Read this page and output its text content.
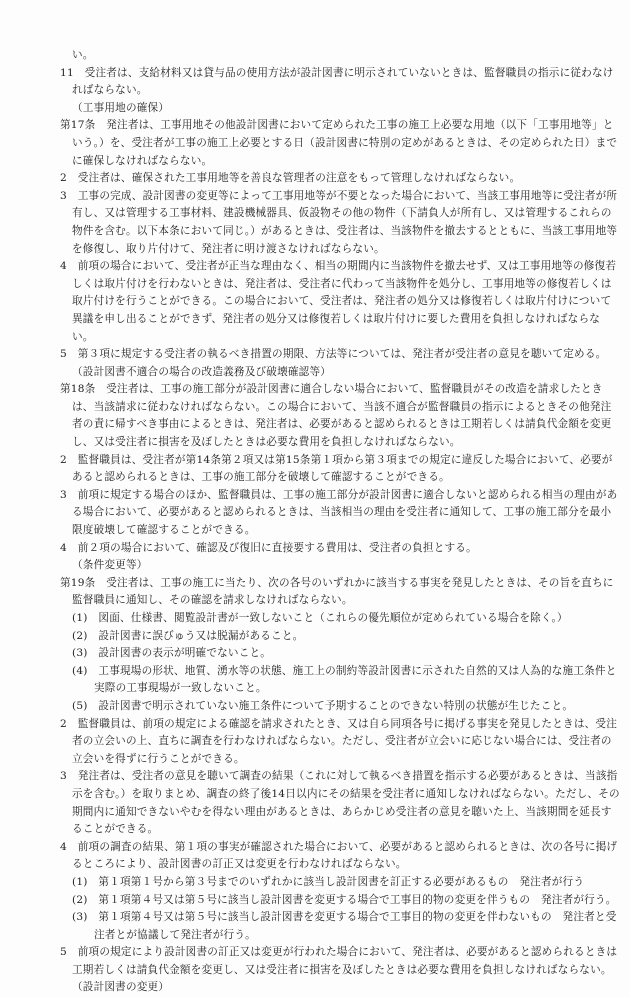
い。

11　受注者は、支給材料又は貸与品の使用方法が設計図書に明示されていないときは、監督職員の指示に従わなければならない。

（工事用地の確保）

第17条　発注者は、工事用地その他設計図書において定められた工事の施工上必要な用地（以下「工事用地等」という。）を、受注者が工事の施工上必要とする日（設計図書に特別の定めがあるときは、その定められた日）までに確保しなければならない。

2　受注者は、確保された工事用地等を善良な管理者の注意をもって管理しなければならない。

3　工事の完成、設計図書の変更等によって工事用地等が不要となった場合において、当該工事用地等に受注者が所有し、又は管理する工事材料、建設機械器具、仮設物その他の物件（下請負人が所有し、又は管理するこれらの物件を含む。以下本条において同じ。）があるときは、受注者は、当該物件を撤去するとともに、当該工事用地等を修復し、取り片付けて、発注者に明け渡さなければならない。

4　前項の場合において、受注者が正当な理由なく、相当の期間内に当該物件を撤去せず、又は工事用地等の修復若しくは取片付けを行わないときは、発注者は、受注者に代わって当該物件を処分し、工事用地等の修復若しくは取片付けを行うことができる。この場合において、受注者は、発注者の処分又は修復若しくは取片付けについて異議を申し出ることができず、発注者の処分又は修復若しくは取片付けに要した費用を負担しなければならない。

5　第３項に規定する受注者の執るべき措置の期限、方法等については、発注者が受注者の意見を聴いて定める。

（設計図書不適合の場合の改造義務及び破壊確認等）

第18条　受注者は、工事の施工部分が設計図書に適合しない場合において、監督職員がその改造を請求したときは、当該請求に従わなければならない。この場合において、当該不適合が監督職員の指示によるときその他発注者の責に帰すべき事由によるときは、発注者は、必要があると認められるときは工期若しくは請負代金額を変更し、又は受注者に損害を及ぼしたときは必要な費用を負担しなければならない。

2　監督職員は、受注者が第14条第２項又は第15条第１項から第３項までの規定に違反した場合において、必要があると認められるときは、工事の施工部分を破壊して確認することができる。

3　前項に規定する場合のほか、監督職員は、工事の施工部分が設計図書に適合しないと認められる相当の理由がある場合において、必要があると認められるときは、当該相当の理由を受注者に通知して、工事の施工部分を最小限度破壊して確認することができる。

4　前２項の場合において、確認及び復旧に直接要する費用は、受注者の負担とする。

（条件変更等）

第19条　受注者は、工事の施工に当たり、次の各号のいずれかに該当する事実を発見したときは、その旨を直ちに監督職員に通知し、その確認を請求しなければならない。

(1)　図面、仕様書、閲覧設計書が一致しないこと（これらの優先順位が定められている場合を除く。）

(2)　設計図書に誤びゅう又は脱漏があること。

(3)　設計図書の表示が明確でないこと。

(4)　工事現場の形状、地質、湧水等の状態、施工上の制約等設計図書に示された自然的又は人為的な施工条件と実際の工事現場が一致しないこと。

(5)　設計図書で明示されていない施工条件について予期することのできない特別の状態が生じたこと。

2　監督職員は、前項の規定による確認を請求されたとき、又は自ら同項各号に掲げる事実を発見したときは、受注者の立会いの上、直ちに調査を行わなければならない。ただし、受注者が立会いに応じない場合には、受注者の立会いを得ずに行うことができる。

3　発注者は、受注者の意見を聴いて調査の結果（これに対して執るべき措置を指示する必要があるときは、当該指示を含む。）を取りまとめ、調査の終了後14日以内にその結果を受注者に通知しなければならない。ただし、その期間内に通知できないやむを得ない理由があるときは、あらかじめ受注者の意見を聴いた上、当該期間を延長することができる。

4　前項の調査の結果、第１項の事実が確認された場合において、必要があると認められるときは、次の各号に掲げるところにより、設計図書の訂正又は変更を行わなければならない。

(1)　第１項第１号から第３号までのいずれかに該当し設計図書を訂正する必要があるもの　発注者が行う

(2)　第１項第４号又は第５号に該当し設計図書を変更する場合で工事目的物の変更を伴うもの　発注者が行う。

(3)　第１項第４号又は第５号に該当し設計図書を変更する場合で工事目的物の変更を伴わないもの　発注者と受注者とが協議して発注者が行う。

5　前項の規定により設計図書の訂正又は変更が行われた場合において、発注者は、必要があると認められるときは工期若しくは請負代金額を変更し、又は受注者に損害を及ぼしたときは必要な費用を負担しなければならない。

（設計図書の変更）
